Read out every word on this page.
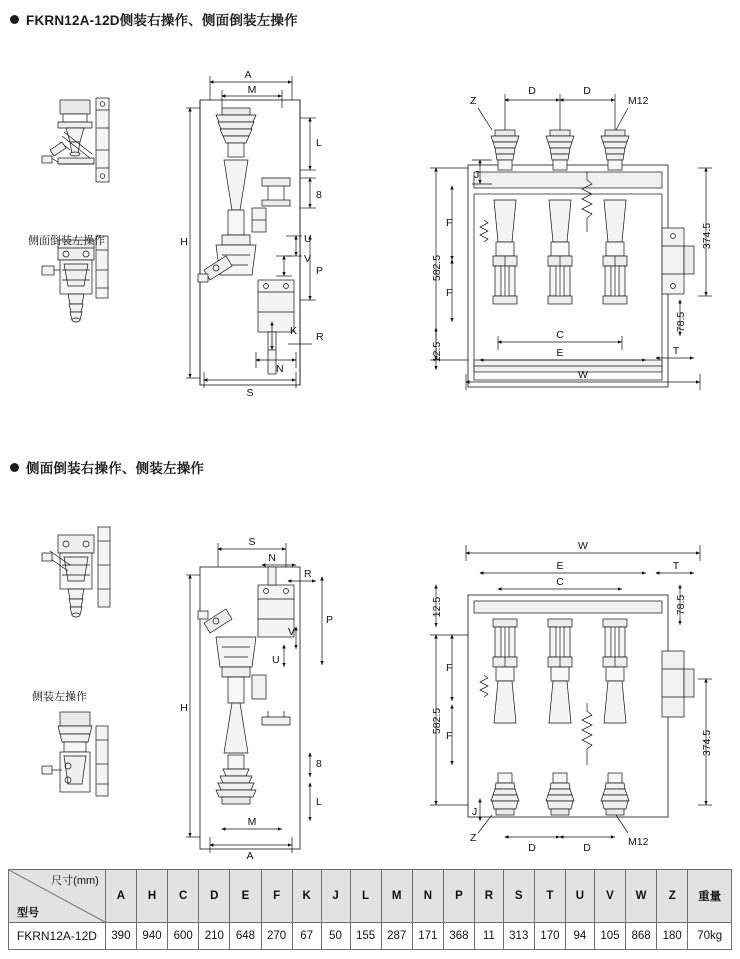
FKRN12A-12D侧装右操作、侧面倒装左操作
A
M
H
L
8
U
V
P
K R
N
S
D	D
Z	M12
J
582.5
F
F
12.5
374.5
78.5
C
E	T
W
侧面倒装左操作
侧面倒装右操作、侧装左操作
S
N
R
P
V
U
H
8
L
M
A
W
E
C
T
12.5
582.5
F
F
78.5
374.5
J
Z	M12
D	D
侧装左操作
尺寸(mm)
型号	A	H	C	D	E	F	K	J	L	M	N	P	R	S	T	U	V	W	Z	重量
FKRN12A-12D	390	940	600	210	648	270	67	50	155	287	171	368	11	313	170	94	105	868	180	70kg
